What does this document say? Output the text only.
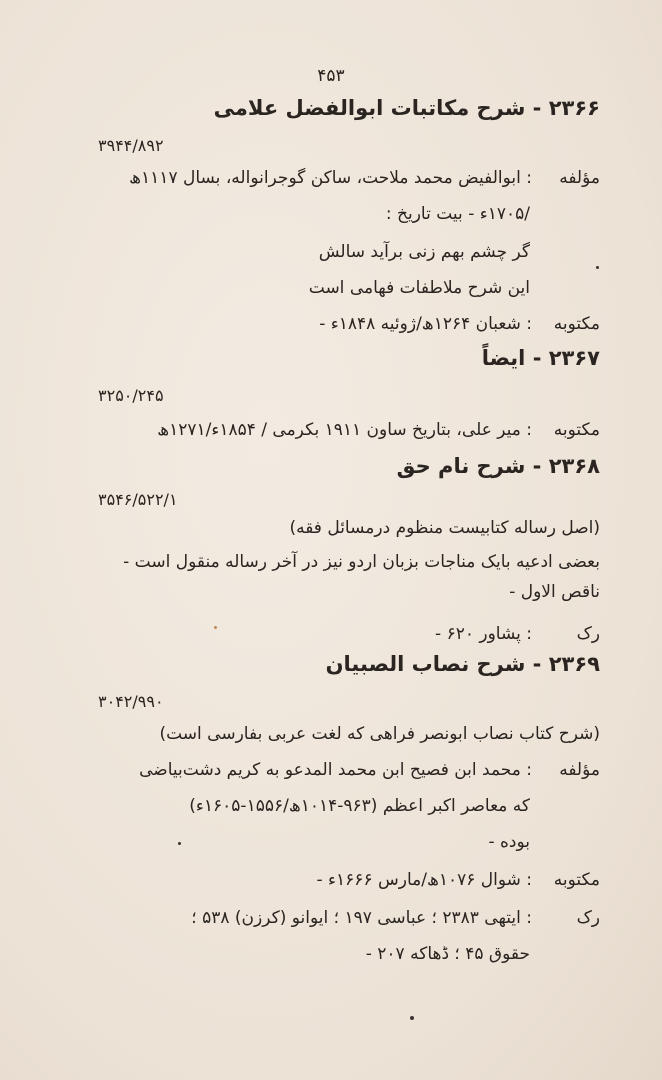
۴۵۳
۲۳۶۶ - شرح مکاتبات ابوالفضل علامی
۳۹۴۴/۸۹۲
مؤلفه
: ابوالفیض محمد ملاحت، ساکن گوجرانواله، بسال ۱۱۱۷ھ
/۱۷۰۵ء - بیت تاریخ :
گر چشم بهم زنی برآید سالش
این شرح ملاطفات فهامی است
مکتوبه
: شعبان ۱۲۶۴ھ/ژوئیه ۱۸۴۸ء -
۲۳۶۷ - ایضاً
۳۲۵۰/۲۴۵
مکتوبه
: میر علی، بتاریخ ساون ۱۹۱۱ بکرمی / ۱۸۵۴ء/۱۲۷۱ھ
۲۳۶۸ - شرح نام حق
۳۵۴۶/۵۲۲/۱
(اصل رساله کتابیست منظوم درمسائل فقه)
بعضی ادعیه بایک مناجات بزبان اردو نیز در آخر رساله منقول است -
ناقص الاول -
رک
: پشاور ۶۲۰ -
۲۳۶۹ - شرح نصاب الصبیان
۳۰۴۲/۹۹۰
(شرح کتاب نصاب ابونصر فراهی که لغت عربی بفارسی است)
مؤلفه
: محمد ابن فصیح ابن محمد المدعو به کریم دشت‌بیاضی
که معاصر اکبر اعظم (۹۶۳-۱۰۱۴ھ/۱۵۵۶-۱۶۰۵ء)
بوده -
مکتوبه
: شوال ۱۰۷۶ھ/مارس ۱۶۶۶ء -
رک
: ایتهی ۲۳۸۳ ؛ عباسی ۱۹۷ ؛ ایوانو (کرزن) ۵۳۸ ؛
حقوق ۴۵ ؛ ڈھاکه ۲۰۷ -
